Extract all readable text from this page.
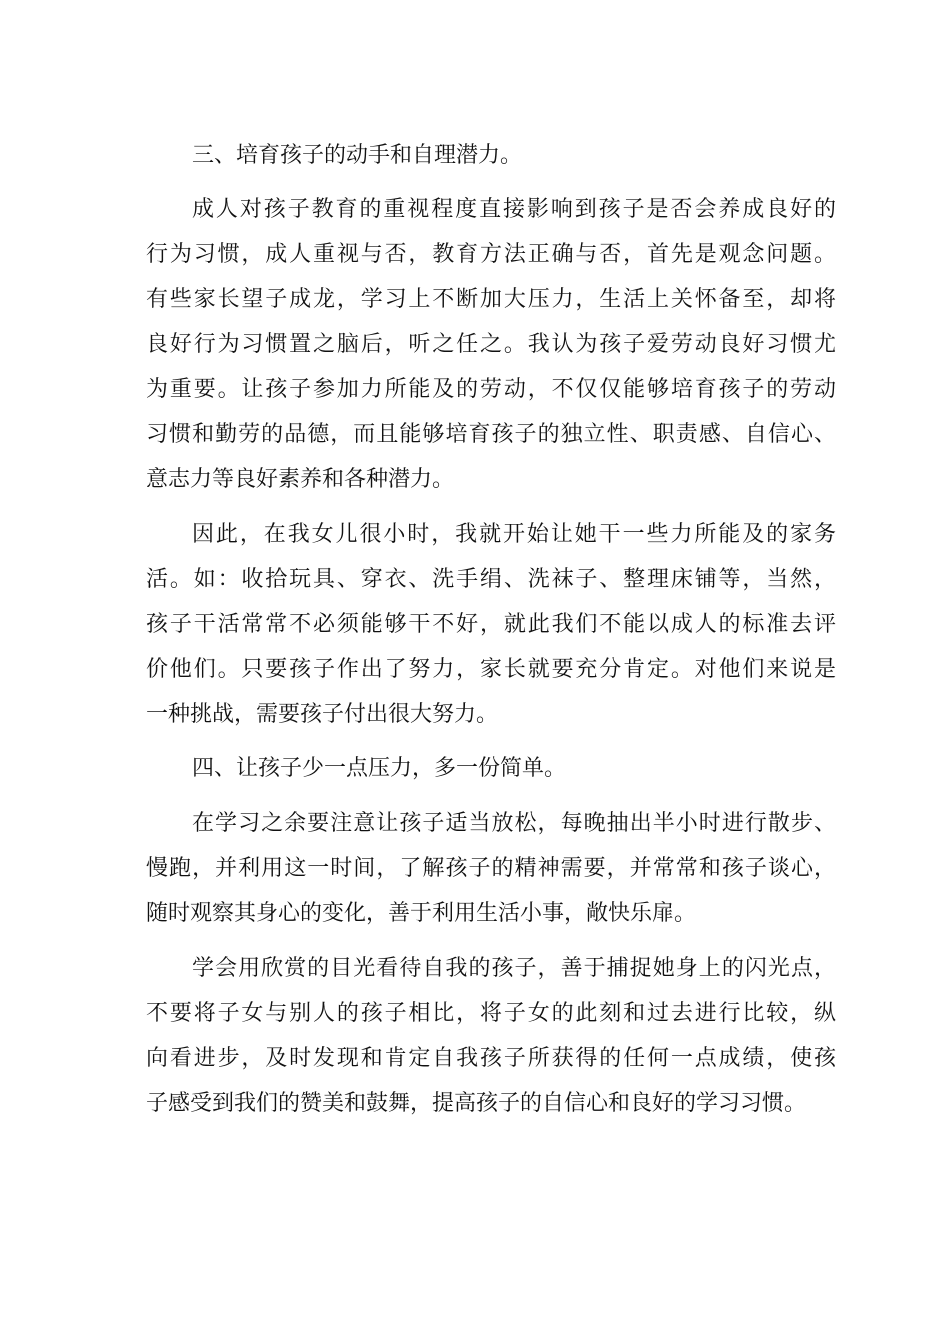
三、培育孩子的动手和自理潜力。
成人对孩子教育的重视程度直接影响到孩子是否会养成良好的
行为习惯，成人重视与否，教育方法正确与否，首先是观念问题。
有些家长望子成龙，学习上不断加大压力，生活上关怀备至，却将
良好行为习惯置之脑后，听之任之。我认为孩子爱劳动良好习惯尤
为重要。让孩子参加力所能及的劳动，不仅仅能够培育孩子的劳动
习惯和勤劳的品德，而且能够培育孩子的独立性、职责感、自信心、
意志力等良好素养和各种潜力。
因此，在我女儿很小时，我就开始让她干一些力所能及的家务
活。如：收拾玩具、穿衣、洗手绢、洗袜子、整理床铺等，当然，
孩子干活常常不必须能够干不好，就此我们不能以成人的标准去评
价他们。只要孩子作出了努力，家长就要充分肯定。对他们来说是
一种挑战，需要孩子付出很大努力。
四、让孩子少一点压力，多一份简单。
在学习之余要注意让孩子适当放松，每晚抽出半小时进行散步、
慢跑，并利用这一时间，了解孩子的精神需要，并常常和孩子谈心，
随时观察其身心的变化，善于利用生活小事，敞快乐扉。
学会用欣赏的目光看待自我的孩子，善于捕捉她身上的闪光点，
不要将子女与别人的孩子相比，将子女的此刻和过去进行比较，纵
向看进步，及时发现和肯定自我孩子所获得的任何一点成绩，使孩
子感受到我们的赞美和鼓舞，提高孩子的自信心和良好的学习习惯。
